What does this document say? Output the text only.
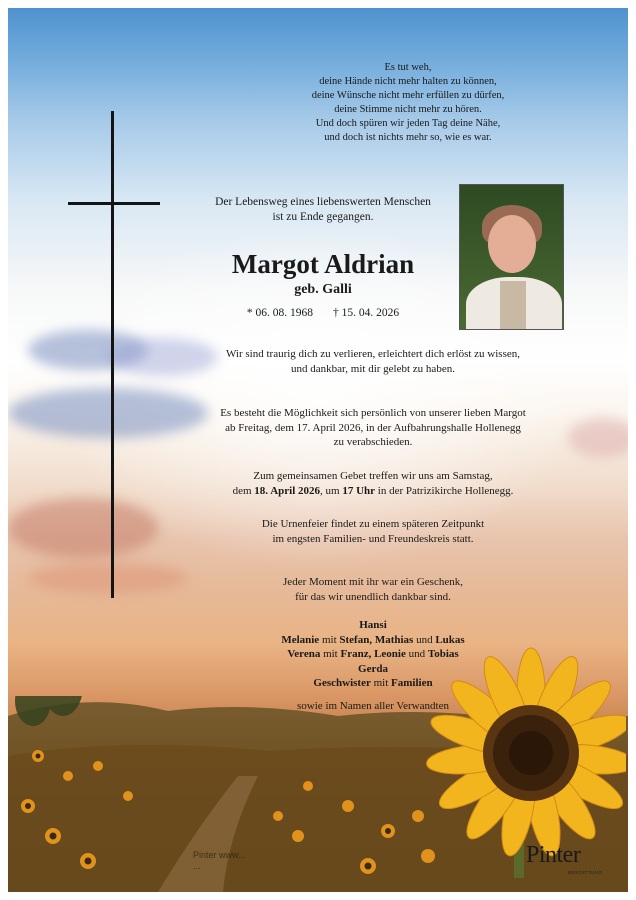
Es tut weh,
deine Hände nicht mehr halten zu können,
deine Wünsche nicht mehr erfüllen zu dürfen,
deine Stimme nicht mehr zu hören.
Und doch spüren wir jeden Tag deine Nähe,
und doch ist nichts mehr so, wie es war.
Der Lebensweg eines liebenswerten Menschen
ist zu Ende gegangen.
Margot Aldrian
geb. Galli
* 06. 08. 1968 † 15. 04. 2026
Wir sind traurig dich zu verlieren, erleichtert dich erlöst zu wissen,
und dankbar, mit dir gelebt zu haben.
Es besteht die Möglichkeit sich persönlich von unserer lieben Margot
ab Freitag, dem 17. April 2026, in der Aufbahrungshalle Hollenegg
zu verabschieden.
Zum gemeinsamen Gebet treffen wir uns am Samstag,
dem 18. April 2026, um 17 Uhr in der Patrizikirche Hollenegg.
Die Urnenfeier findet zu einem späteren Zeitpunkt
im engsten Familien- und Freundeskreis statt.
Jeder Moment mit ihr war ein Geschenk,
für das wir unendlich dankbar sind.
Hansi
Melanie mit Stefan, Mathias und Lukas
Verena mit Franz, Leonie und Tobias
Gerda
Geschwister mit Familien
sowie im Namen aller Verwandten
Pinter www...
...	Pinter
BESTATTUNG
